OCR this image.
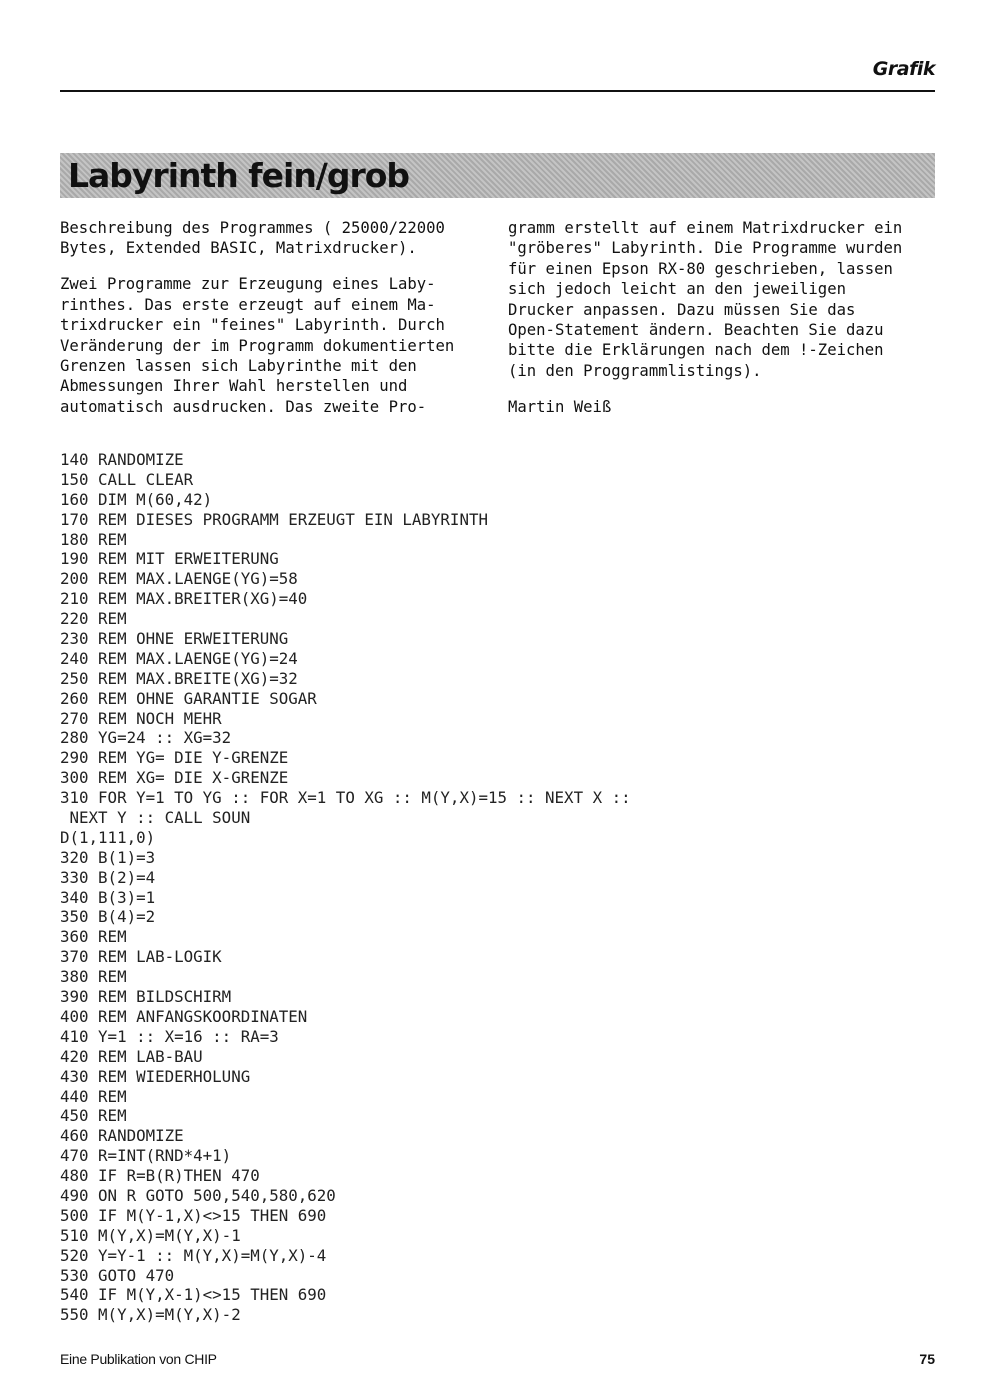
Grafik
Labyrinth fein/grob
Beschreibung des Programmes ( 25000/22000
Bytes, Extended BASIC, Matrixdrucker).
Zwei Programme zur Erzeugung eines Laby-
rinthes. Das erste erzeugt auf einem Ma-
trixdrucker ein "feines" Labyrinth. Durch
Veränderung der im Programm dokumentierten
Grenzen lassen sich Labyrinthe mit den
Abmessungen Ihrer Wahl herstellen und
automatisch ausdrucken. Das zweite Pro-
gramm erstellt auf einem Matrixdrucker ein
"gröberes" Labyrinth. Die Programme wurden
für einen Epson RX-80 geschrieben, lassen
sich jedoch leicht an den jeweiligen
Drucker anpassen. Dazu müssen Sie das
Open-Statement ändern. Beachten Sie dazu
bitte die Erklärungen nach dem !-Zeichen
(in den Proggrammlistings).
Martin Weiß
140 RANDOMIZE
150 CALL CLEAR
160 DIM M(60,42)
170 REM DIESES PROGRAMM ERZEUGT EIN LABYRINTH
180 REM
190 REM MIT ERWEITERUNG
200 REM MAX.LAENGE(YG)=58
210 REM MAX.BREITER(XG)=40
220 REM
230 REM OHNE ERWEITERUNG
240 REM MAX.LAENGE(YG)=24
250 REM MAX.BREITE(XG)=32
260 REM OHNE GARANTIE SOGAR
270 REM NOCH MEHR
280 YG=24 :: XG=32
290 REM YG= DIE Y-GRENZE
300 REM XG= DIE X-GRENZE
310 FOR Y=1 TO YG :: FOR X=1 TO XG :: M(Y,X)=15 :: NEXT X ::
NEXT Y :: CALL SOUN
D(1,111,0)
320 B(1)=3
330 B(2)=4
340 B(3)=1
350 B(4)=2
360 REM
370 REM LAB-LOGIK
380 REM
390 REM BILDSCHIRM
400 REM ANFANGSKOORDINATEN
410 Y=1 :: X=16 :: RA=3
420 REM LAB-BAU
430 REM WIEDERHOLUNG
440 REM
450 REM
460 RANDOMIZE
470 R=INT(RND*4+1)
480 IF R=B(R)THEN 470
490 ON R GOTO 500,540,580,620
500 IF M(Y-1,X)<>15 THEN 690
510 M(Y,X)=M(Y,X)-1
520 Y=Y-1 :: M(Y,X)=M(Y,X)-4
530 GOTO 470
540 IF M(Y,X-1)<>15 THEN 690
550 M(Y,X)=M(Y,X)-2
Eine Publikation von CHIP	75
